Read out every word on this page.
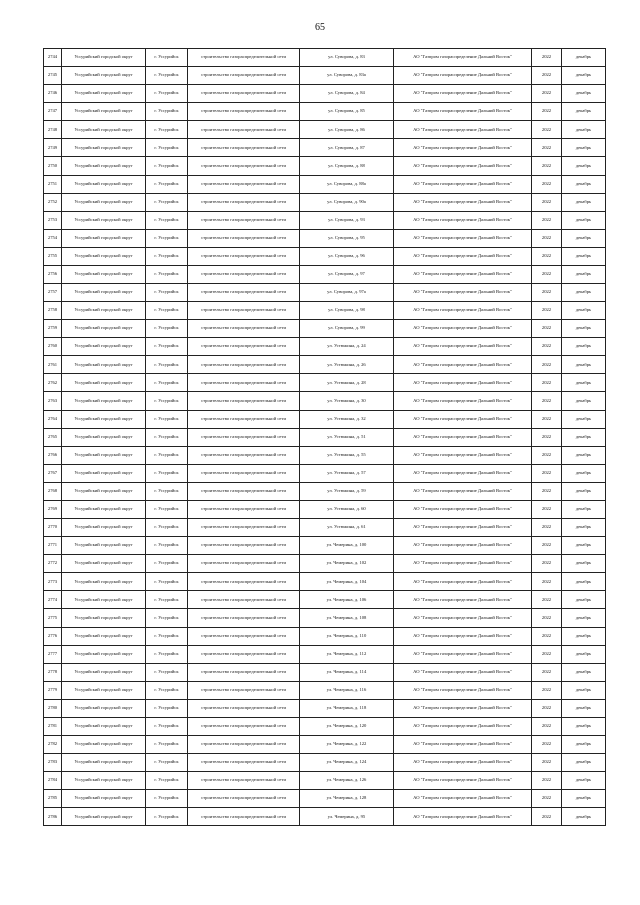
65
2744	Уссурийский городской округ	г. Уссурийск	строительство газораспределительной сети	ул. Суворова, д. 83	АО "Газпром газораспределение Дальний Восток"	2022	декабрь
2745	Уссурийский городской округ	г. Уссурийск	строительство газораспределительной сети	ул. Суворова, д. 83а	АО "Газпром газораспределение Дальний Восток"	2022	декабрь
2746	Уссурийский городской округ	г. Уссурийск	строительство газораспределительной сети	ул. Суворова, д. 84	АО "Газпром газораспределение Дальний Восток"	2022	декабрь
2747	Уссурийский городской округ	г. Уссурийск	строительство газораспределительной сети	ул. Суворова, д. 85	АО "Газпром газораспределение Дальний Восток"	2022	декабрь
2748	Уссурийский городской округ	г. Уссурийск	строительство газораспределительной сети	ул. Суворова, д. 86	АО "Газпром газораспределение Дальний Восток"	2022	декабрь
2749	Уссурийский городской округ	г. Уссурийск	строительство газораспределительной сети	ул. Суворова, д. 87	АО "Газпром газораспределение Дальний Восток"	2022	декабрь
2750	Уссурийский городской округ	г. Уссурийск	строительство газораспределительной сети	ул. Суворова, д. 88	АО "Газпром газораспределение Дальний Восток"	2022	декабрь
2751	Уссурийский городской округ	г. Уссурийск	строительство газораспределительной сети	ул. Суворова, д. 88а	АО "Газпром газораспределение Дальний Восток"	2022	декабрь
2752	Уссурийский городской округ	г. Уссурийск	строительство газораспределительной сети	ул. Суворова, д. 90а	АО "Газпром газораспределение Дальний Восток"	2022	декабрь
2753	Уссурийский городской округ	г. Уссурийск	строительство газораспределительной сети	ул. Суворова, д. 93	АО "Газпром газораспределение Дальний Восток"	2022	декабрь
2754	Уссурийский городской округ	г. Уссурийск	строительство газораспределительной сети	ул. Суворова, д. 95	АО "Газпром газораспределение Дальний Восток"	2022	декабрь
2755	Уссурийский городской округ	г. Уссурийск	строительство газораспределительной сети	ул. Суворова, д. 96	АО "Газпром газораспределение Дальний Восток"	2022	декабрь
2756	Уссурийский городской округ	г. Уссурийск	строительство газораспределительной сети	ул. Суворова, д. 97	АО "Газпром газораспределение Дальний Восток"	2022	декабрь
2757	Уссурийский городской округ	г. Уссурийск	строительство газораспределительной сети	ул. Суворова, д. 97а	АО "Газпром газораспределение Дальний Восток"	2022	декабрь
2758	Уссурийский городской округ	г. Уссурийск	строительство газораспределительной сети	ул. Суворова, д. 98	АО "Газпром газораспределение Дальний Восток"	2022	декабрь
2759	Уссурийский городской округ	г. Уссурийск	строительство газораспределительной сети	ул. Суворова, д. 99	АО "Газпром газораспределение Дальний Восток"	2022	декабрь
2760	Уссурийский городской округ	г. Уссурийск	строительство газораспределительной сети	ул. Устюжина, д. 24	АО "Газпром газораспределение Дальний Восток"	2022	декабрь
2761	Уссурийский городской округ	г. Уссурийск	строительство газораспределительной сети	ул. Устюжина, д. 26	АО "Газпром газораспределение Дальний Восток"	2022	декабрь
2762	Уссурийский городской округ	г. Уссурийск	строительство газораспределительной сети	ул. Устюжина, д. 28	АО "Газпром газораспределение Дальний Восток"	2022	декабрь
2763	Уссурийский городской округ	г. Уссурийск	строительство газораспределительной сети	ул. Устюжина, д. 30	АО "Газпром газораспределение Дальний Восток"	2022	декабрь
2764	Уссурийский городской округ	г. Уссурийск	строительство газораспределительной сети	ул. Устюжина, д. 32	АО "Газпром газораспределение Дальний Восток"	2022	декабрь
2765	Уссурийский городской округ	г. Уссурийск	строительство газораспределительной сети	ул. Устюжина, д. 51	АО "Газпром газораспределение Дальний Восток"	2022	декабрь
2766	Уссурийский городской округ	г. Уссурийск	строительство газораспределительной сети	ул. Устюжина, д. 55	АО "Газпром газораспределение Дальний Восток"	2022	декабрь
2767	Уссурийский городской округ	г. Уссурийск	строительство газораспределительной сети	ул. Устюжина, д. 57	АО "Газпром газораспределение Дальний Восток"	2022	декабрь
2768	Уссурийский городской округ	г. Уссурийск	строительство газораспределительной сети	ул. Устюжина, д. 59	АО "Газпром газораспределение Дальний Восток"	2022	декабрь
2769	Уссурийский городской округ	г. Уссурийск	строительство газораспределительной сети	ул. Устюжина, д. 60	АО "Газпром газораспределение Дальний Восток"	2022	декабрь
2770	Уссурийский городской округ	г. Уссурийск	строительство газораспределительной сети	ул. Устюжина, д. 61	АО "Газпром газораспределение Дальний Восток"	2022	декабрь
2771	Уссурийский городской округ	г. Уссурийск	строительство газораспределительной сети	ул. Чемерина, д. 100	АО "Газпром газораспределение Дальний Восток"	2022	декабрь
2772	Уссурийский городской округ	г. Уссурийск	строительство газораспределительной сети	ул. Чемерина, д. 102	АО "Газпром газораспределение Дальний Восток"	2022	декабрь
2773	Уссурийский городской округ	г. Уссурийск	строительство газораспределительной сети	ул. Чемерина, д. 104	АО "Газпром газораспределение Дальний Восток"	2022	декабрь
2774	Уссурийский городской округ	г. Уссурийск	строительство газораспределительной сети	ул. Чемерина, д. 106	АО "Газпром газораспределение Дальний Восток"	2022	декабрь
2775	Уссурийский городской округ	г. Уссурийск	строительство газораспределительной сети	ул. Чемерина, д. 108	АО "Газпром газораспределение Дальний Восток"	2022	декабрь
2776	Уссурийский городской округ	г. Уссурийск	строительство газораспределительной сети	ул. Чемерина, д. 110	АО "Газпром газораспределение Дальний Восток"	2022	декабрь
2777	Уссурийский городской округ	г. Уссурийск	строительство газораспределительной сети	ул. Чемерина, д. 112	АО "Газпром газораспределение Дальний Восток"	2022	декабрь
2778	Уссурийский городской округ	г. Уссурийск	строительство газораспределительной сети	ул. Чемерина, д. 114	АО "Газпром газораспределение Дальний Восток"	2022	декабрь
2779	Уссурийский городской округ	г. Уссурийск	строительство газораспределительной сети	ул. Чемерина, д. 116	АО "Газпром газораспределение Дальний Восток"	2022	декабрь
2780	Уссурийский городской округ	г. Уссурийск	строительство газораспределительной сети	ул. Чемерина, д. 118	АО "Газпром газораспределение Дальний Восток"	2022	декабрь
2781	Уссурийский городской округ	г. Уссурийск	строительство газораспределительной сети	ул. Чемерина, д. 120	АО "Газпром газораспределение Дальний Восток"	2022	декабрь
2782	Уссурийский городской округ	г. Уссурийск	строительство газораспределительной сети	ул. Чемерина, д. 122	АО "Газпром газораспределение Дальний Восток"	2022	декабрь
2783	Уссурийский городской округ	г. Уссурийск	строительство газораспределительной сети	ул. Чемерина, д. 124	АО "Газпром газораспределение Дальний Восток"	2022	декабрь
2784	Уссурийский городской округ	г. Уссурийск	строительство газораспределительной сети	ул. Чемерина, д. 126	АО "Газпром газораспределение Дальний Восток"	2022	декабрь
2785	Уссурийский городской округ	г. Уссурийск	строительство газораспределительной сети	ул. Чемерина, д. 128	АО "Газпром газораспределение Дальний Восток"	2022	декабрь
2786	Уссурийский городской округ	г. Уссурийск	строительство газораспределительной сети	ул. Чемерина, д. 95	АО "Газпром газораспределение Дальний Восток"	2022	декабрь
